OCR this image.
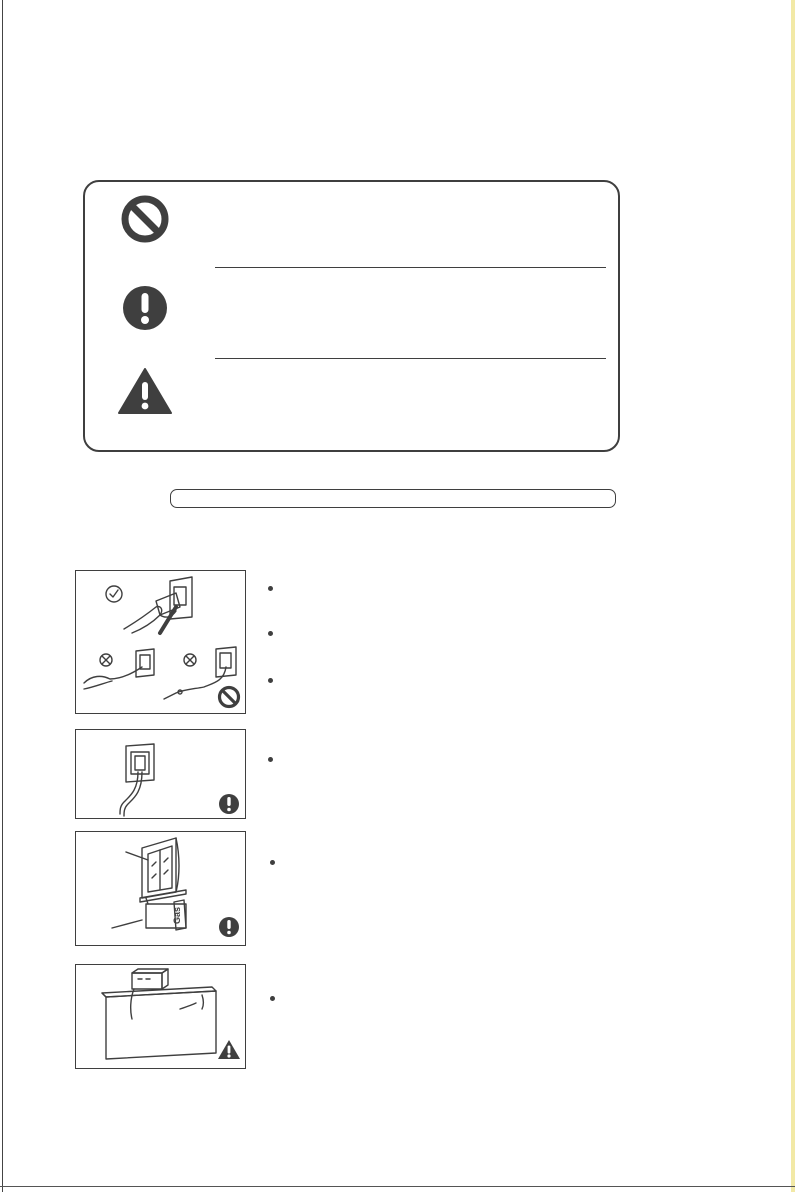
Gas
